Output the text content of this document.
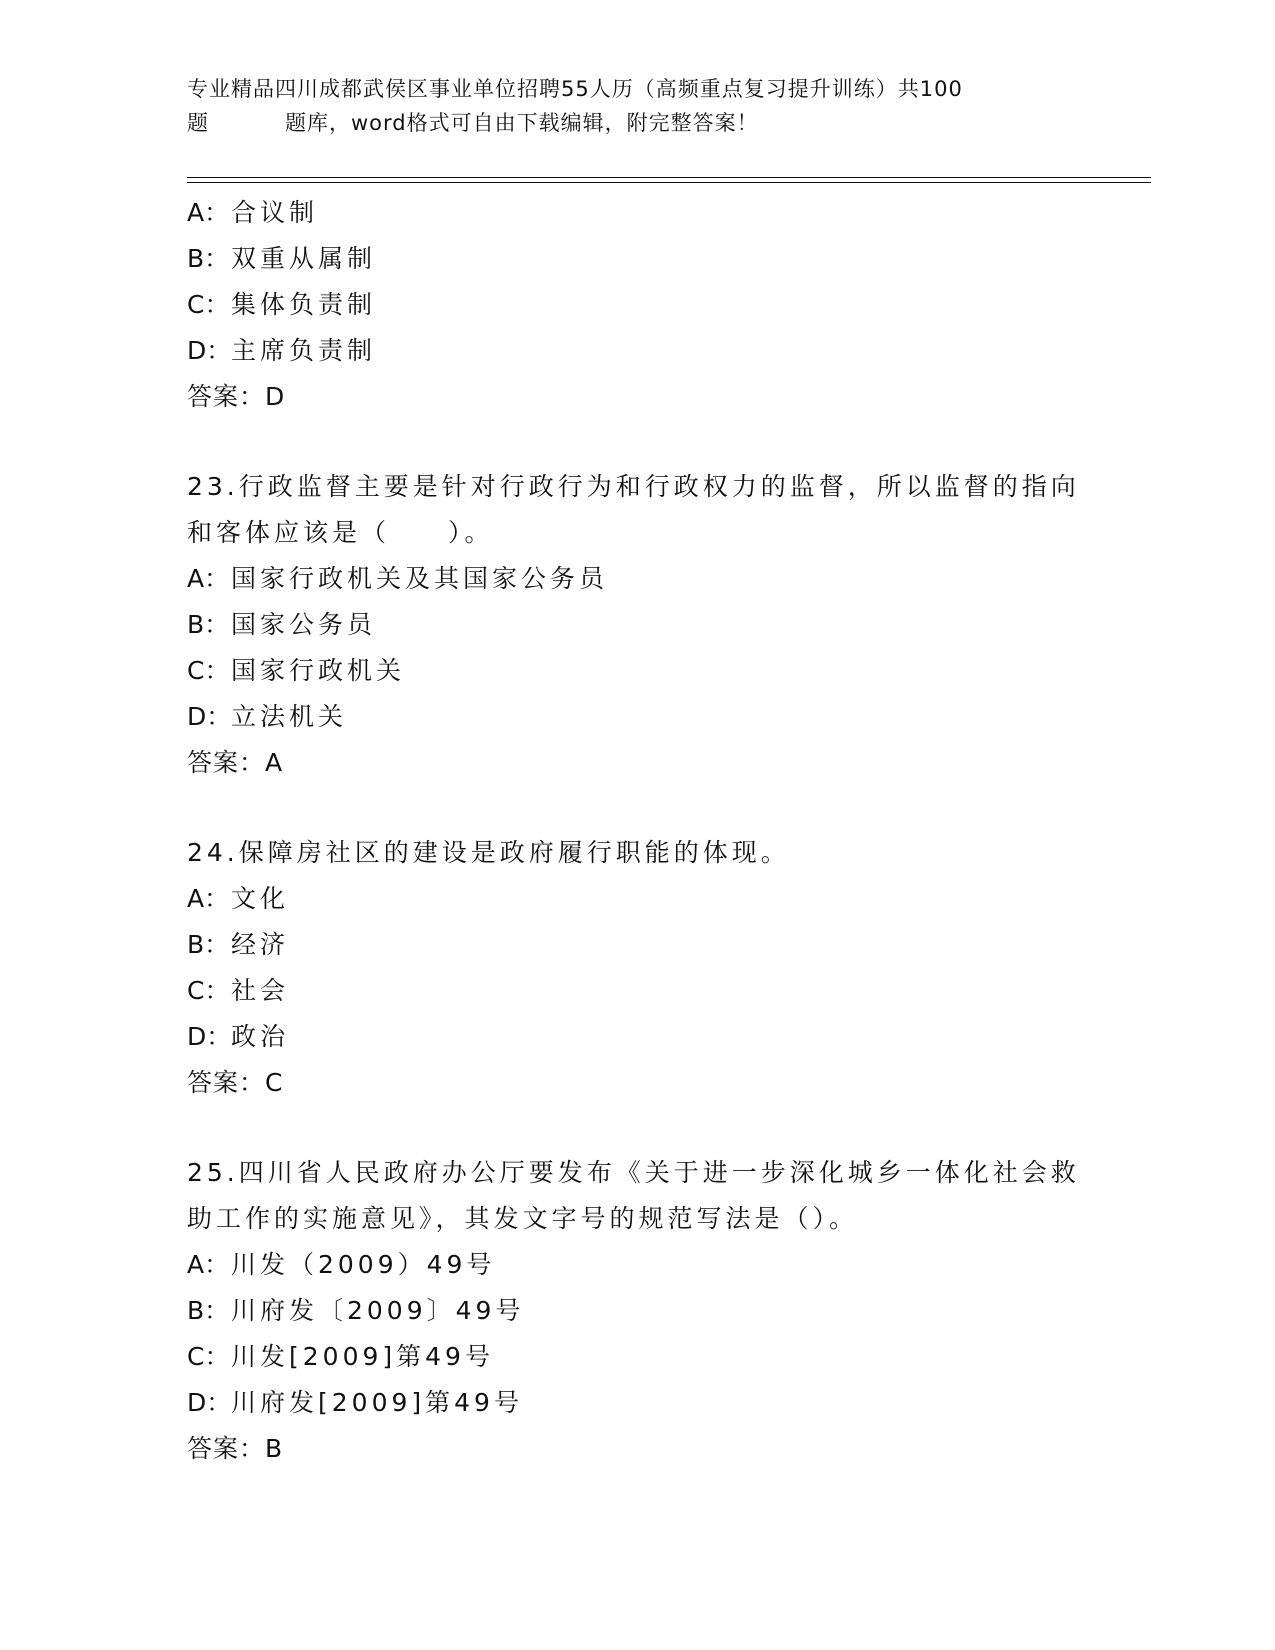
专业精品四川成都武侯区事业单位招聘55人历（高频重点复习提升训练）共100
题	题库，word格式可自由下载编辑，附完整答案！
A：合议制
B：双重从属制
C：集体负责制
D：主席负责制
答案：D
23.行政监督主要是针对行政行为和行政权力的监督，所以监督的指向
和客体应该是（　　）。
A：国家行政机关及其国家公务员
B：国家公务员
C：国家行政机关
D：立法机关
答案：A
24.保障房社区的建设是政府履行职能的体现。
A：文化
B：经济
C：社会
D：政治
答案：C
25.四川省人民政府办公厅要发布《关于进一步深化城乡一体化社会救
助工作的实施意见》，其发文字号的规范写法是（）。
A：川发（2009）49号
B：川府发〔2009〕49号
C：川发[2009]第49号
D：川府发[2009]第49号
答案：B
